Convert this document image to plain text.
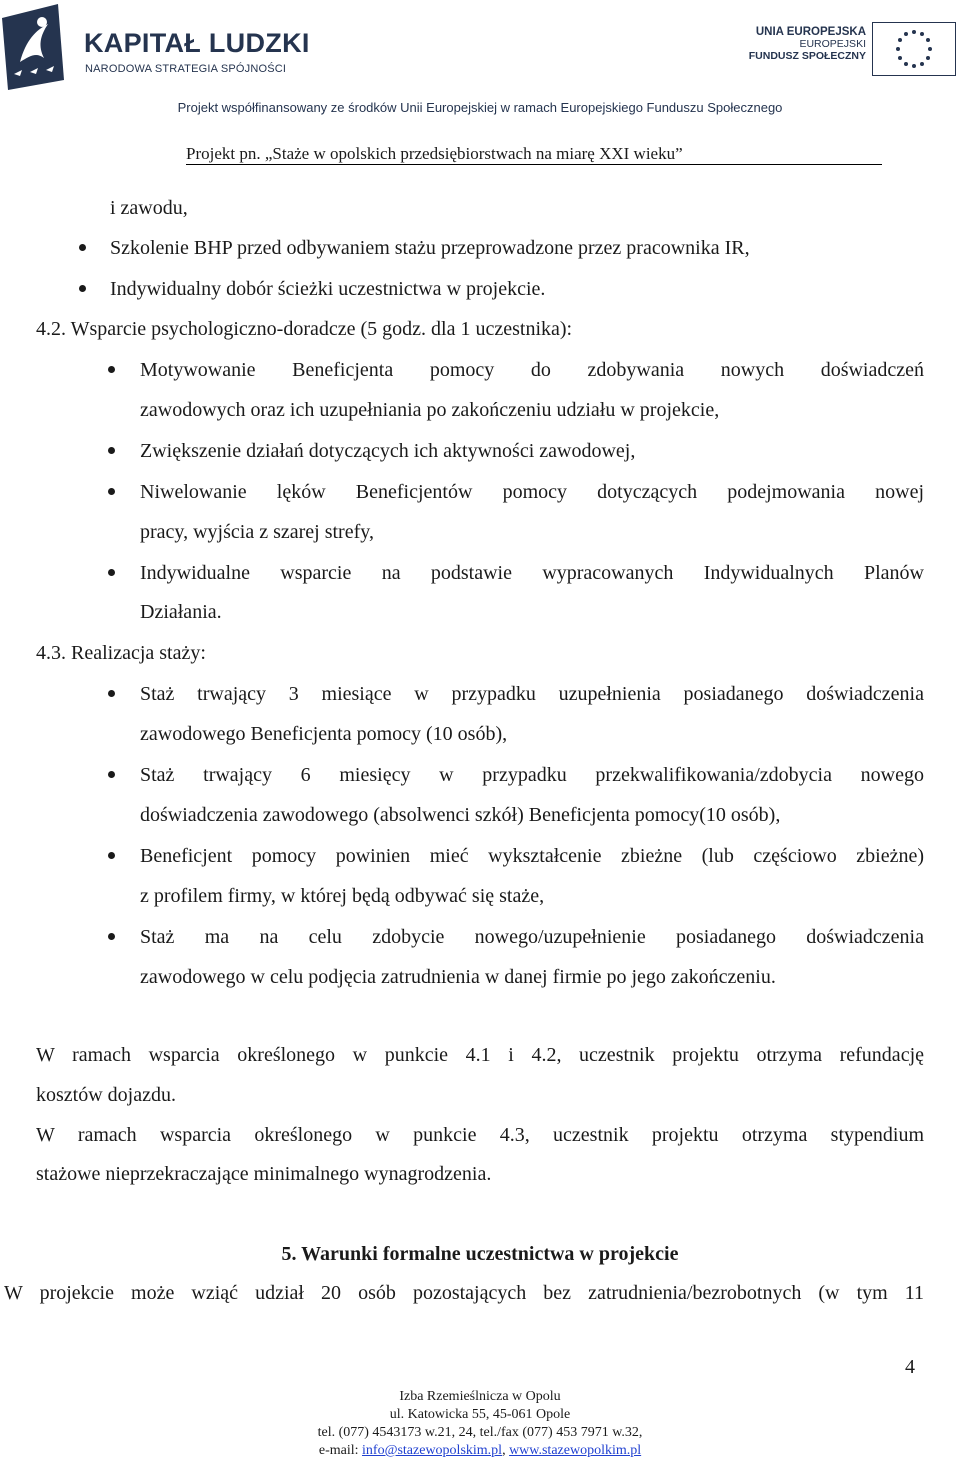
KAPITAŁ LUDZKI
NARODOWA STRATEGIA SPÓJNOŚCI
UNIA EUROPEJSKA
EUROPEJSKI
FUNDUSZ SPOŁECZNY
Projekt współfinansowany ze środków Unii Europejskiej w ramach Europejskiego Funduszu Społecznego
Projekt pn. „Staże w opolskich przedsiębiorstwach na miarę XXI wieku”
i zawodu,
Szkolenie BHP przed odbywaniem stażu przeprowadzone przez pracownika IR,
Indywidualny dobór ścieżki uczestnictwa w projekcie.
4.2. Wsparcie psychologiczno-doradcze (5 godz. dla 1 uczestnika):
Motywowanie Beneficjenta pomocy do zdobywania nowych doświadczeń
zawodowych oraz ich uzupełniania po zakończeniu udziału w projekcie,
Zwiększenie działań dotyczących ich aktywności zawodowej,
Niwelowanie lęków Beneficjentów pomocy dotyczących podejmowania nowej
pracy, wyjścia z szarej strefy,
Indywidualne wsparcie na podstawie wypracowanych Indywidualnych Planów
Działania.
4.3. Realizacja staży:
Staż trwający 3 miesiące w przypadku uzupełnienia posiadanego doświadczenia
zawodowego Beneficjenta pomocy (10 osób),
Staż trwający 6 miesięcy w przypadku przekwalifikowania/zdobycia nowego
doświadczenia zawodowego (absolwenci szkół) Beneficjenta pomocy(10 osób),
Beneficjent pomocy powinien mieć wykształcenie zbieżne (lub częściowo zbieżne)
z profilem firmy, w której będą odbywać się staże,
Staż ma na celu zdobycie nowego/uzupełnienie posiadanego doświadczenia
zawodowego w celu podjęcia zatrudnienia w danej firmie po jego zakończeniu.
W ramach wsparcia określonego w punkcie 4.1 i 4.2, uczestnik projektu otrzyma refundację
kosztów dojazdu.
W ramach wsparcia określonego w punkcie 4.3, uczestnik projektu otrzyma stypendium
stażowe nieprzekraczające minimalnego wynagrodzenia.
5. Warunki formalne uczestnictwa w projekcie
W projekcie może wziąć udział 20 osób pozostających bez zatrudnienia/bezrobotnych (w tym 11
4
Izba Rzemieślnicza w Opolu
ul. Katowicka 55, 45-061 Opole
tel. (077) 4543173 w.21, 24, tel./fax (077) 453 7971 w.32,
e-mail: info@stazewopolskim.pl, www.stazewopolkim.pl
